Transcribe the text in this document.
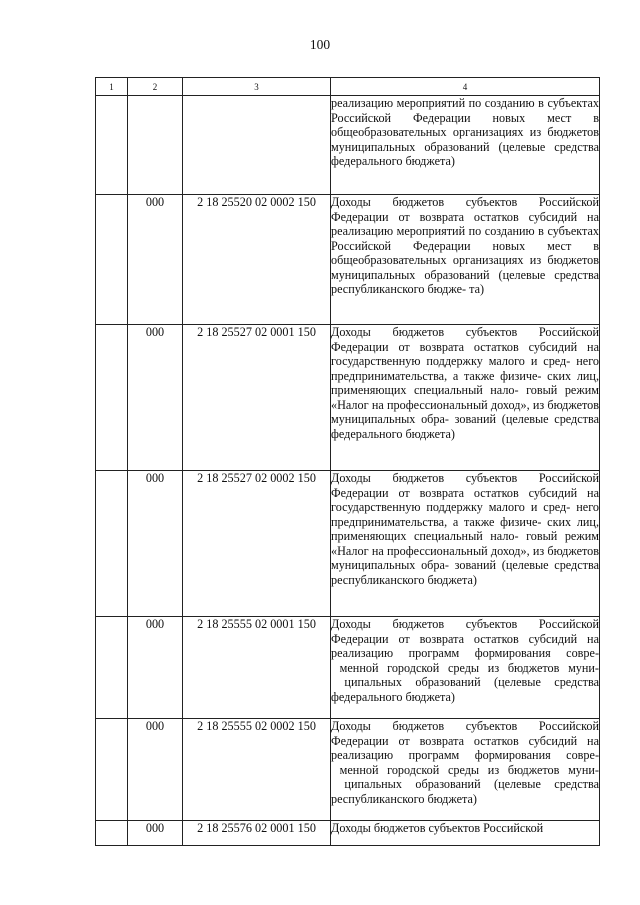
100
1	2	3	4
			реализацию мероприятий по созданию в субъектах Российской Федерации новых мест в общеобразовательных организациях из бюджетов муниципальных образований (целевые средства федерального бюджета)
	000	2 18 25520 02 0002 150	Доходы бюджетов субъектов Российской Федерации от возврата остатков субсидий на реализацию мероприятий по созданию в субъектах Российской Федерации новых мест в общеобразовательных организациях из бюджетов муниципальных образований (целевые средства республиканского бюдже- та)
	000	2 18 25527 02 0001 150	Доходы бюджетов субъектов Российской Федерации от возврата остатков субсидий на государственную поддержку малого и сред- него предпринимательства, а также физиче- ских лиц, применяющих специальный нало- говый режим «Налог на профессиональный доход», из бюджетов муниципальных обра- зований (целевые средства федерального бюджета)
	000	2 18 25527 02 0002 150	Доходы бюджетов субъектов Российской Федерации от возврата остатков субсидий на государственную поддержку малого и сред- него предпринимательства, а также физиче- ских лиц, применяющих специальный нало- говый режим «Налог на профессиональный доход», из бюджетов муниципальных обра- зований (целевые средства республиканского бюджета)
	000	2 18 25555 02 0001 150	Доходы бюджетов субъектов Российской Федерации от возврата остатков субсидий на реализацию программ формирования совре- менной городской среды из бюджетов муни- ципальных образований (целевые средства федерального бюджета)
	000	2 18 25555 02 0002 150	Доходы бюджетов субъектов Российской Федерации от возврата остатков субсидий на реализацию программ формирования совре- менной городской среды из бюджетов муни- ципальных образований (целевые средства республиканского бюджета)
	000	2 18 25576 02 0001 150	Доходы бюджетов субъектов Российской
